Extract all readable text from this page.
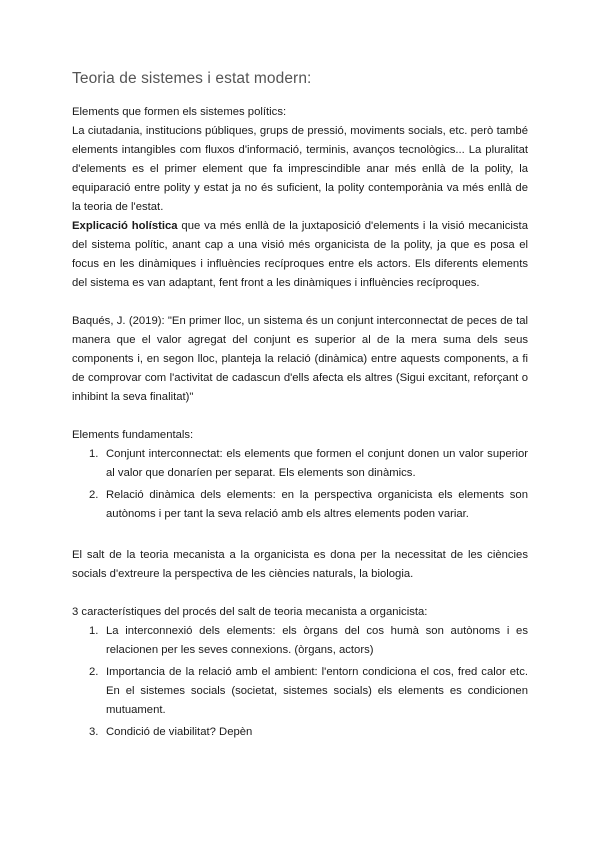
Teoria de sistemes i estat modern:

Elements que formen els sistemes polítics:

La ciutadania, institucions públiques, grups de pressió, moviments socials, etc. però també elements intangibles com fluxos d'informació, terminis, avanços tecnològics... La pluralitat d'elements es el primer element que fa imprescindible anar més enllà de la polity, la equiparació entre polity y estat ja no és suficient, la polity contemporània va més enllà de la teoria de l'estat.

Explicació holística que va més enllà de la juxtaposició d'elements i la visió mecanicista del sistema polític, anant cap a una visió més organicista de la polity, ja que es posa el focus en les dinàmiques i influències recíproques entre els actors. Els diferents elements del sistema es van adaptant, fent front a les dinàmiques i influències recíproques.

Baqués, J. (2019): "En primer lloc, un sistema és un conjunt interconnectat de peces de tal manera que el valor agregat del conjunt es superior al de la mera suma dels seus components i, en segon lloc, planteja la relació (dinàmica) entre aquests components, a fi de comprovar com l'activitat de cadascun d'ells afecta els altres (Sigui excitant, reforçant o inhibint la seva finalitat)"

Elements fundamentals:

1. Conjunt interconnectat: els elements que formen el conjunt donen un valor superior al valor que donaríen per separat. Els elements son dinàmics.
2. Relació dinàmica dels elements: en la perspectiva organicista els elements son autònoms i per tant la seva relació amb els altres elements poden variar.

El salt de la teoria mecanista a la organicista es dona per la necessitat de les ciències socials d'extreure la perspectiva de les ciències naturals, la biologia.

3 característiques del procés del salt de teoria mecanista a organicista:

1. La interconnexió dels elements: els òrgans del cos humà son autònoms i es relacionen per les seves connexions. (òrgans, actors)
2. Importancia de la relació amb el ambient: l'entorn condiciona el cos, fred calor etc. En el sistemes socials (societat, sistemes socials) els elements es condicionen mutuament.
3. Condició de viabilitat? Depèn
